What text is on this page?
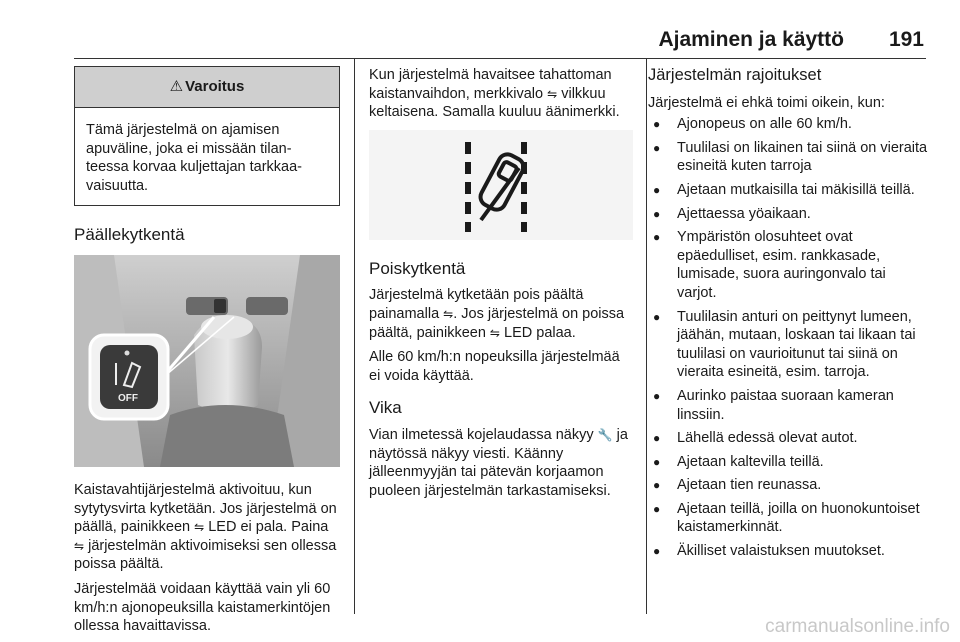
Ajaminen ja käyttö 191
⚠ Varoitus

Tämä järjestelmä on ajamisen apuväline, joka ei missään tilanteessa korvaa kuljettajan tarkkaavaisuutta.

Päällekytkentä
OFF

Kaistavahtijärjestelmä aktivoituu, kun sytytysvirta kytketään. Jos järjestelmä on päällä, painikkeen ⇋ LED ei pala. Paina ⇋ järjestelmän aktivoimiseksi sen ollessa poissa päältä.

Järjestelmää voidaan käyttää vain yli 60 km/h:n ajonopeuksilla kaistamerkintöjen ollessa havaittavissa.

Kun järjestelmä havaitsee tahattoman kaistanvaihdon, merkkivalo ⇋ vilkkuu keltaisena. Samalla kuuluu äänimerkki.

Poiskytkentä

Järjestelmä kytketään pois päältä painamalla ⇋. Jos järjestelmä on poissa päältä, painikkeen ⇋ LED palaa.

Alle 60 km/h:n nopeuksilla järjestelmää ei voida käyttää.

Vika

Vian ilmetessä kojelaudassa näkyy 🔧 ja näytössä näkyy viesti. Käänny jälleenmyyjän tai pätevän korjaamon puoleen järjestelmän tarkastamiseksi.

Järjestelmän rajoitukset

Järjestelmä ei ehkä toimi oikein, kun:

● Ajonopeus on alle 60 km/h.
● Tuulilasi on likainen tai siinä on vieraita esineitä kuten tarroja
● Ajetaan mutkaisilla tai mäkisillä teillä.
● Ajettaessa yöaikaan.
● Ympäristön olosuhteet ovat epäedulliset, esim. rankkasade, lumisade, suora auringonvalo tai varjot.
● Tuulilasin anturi on peittynyt lumeen, jäähän, mutaan, loskaan tai likaan tai tuulilasi on vaurioitunut tai siinä on vieraita esineitä, esim. tarroja.
● Aurinko paistaa suoraan kameran linssiin.
● Lähellä edessä olevat autot.
● Ajetaan kaltevilla teillä.
● Ajetaan tien reunassa.
● Ajetaan teillä, joilla on huonokuntoiset kaistamerkinnät.
● Äkilliset valaistuksen muutokset.
carmanualsonline.info
